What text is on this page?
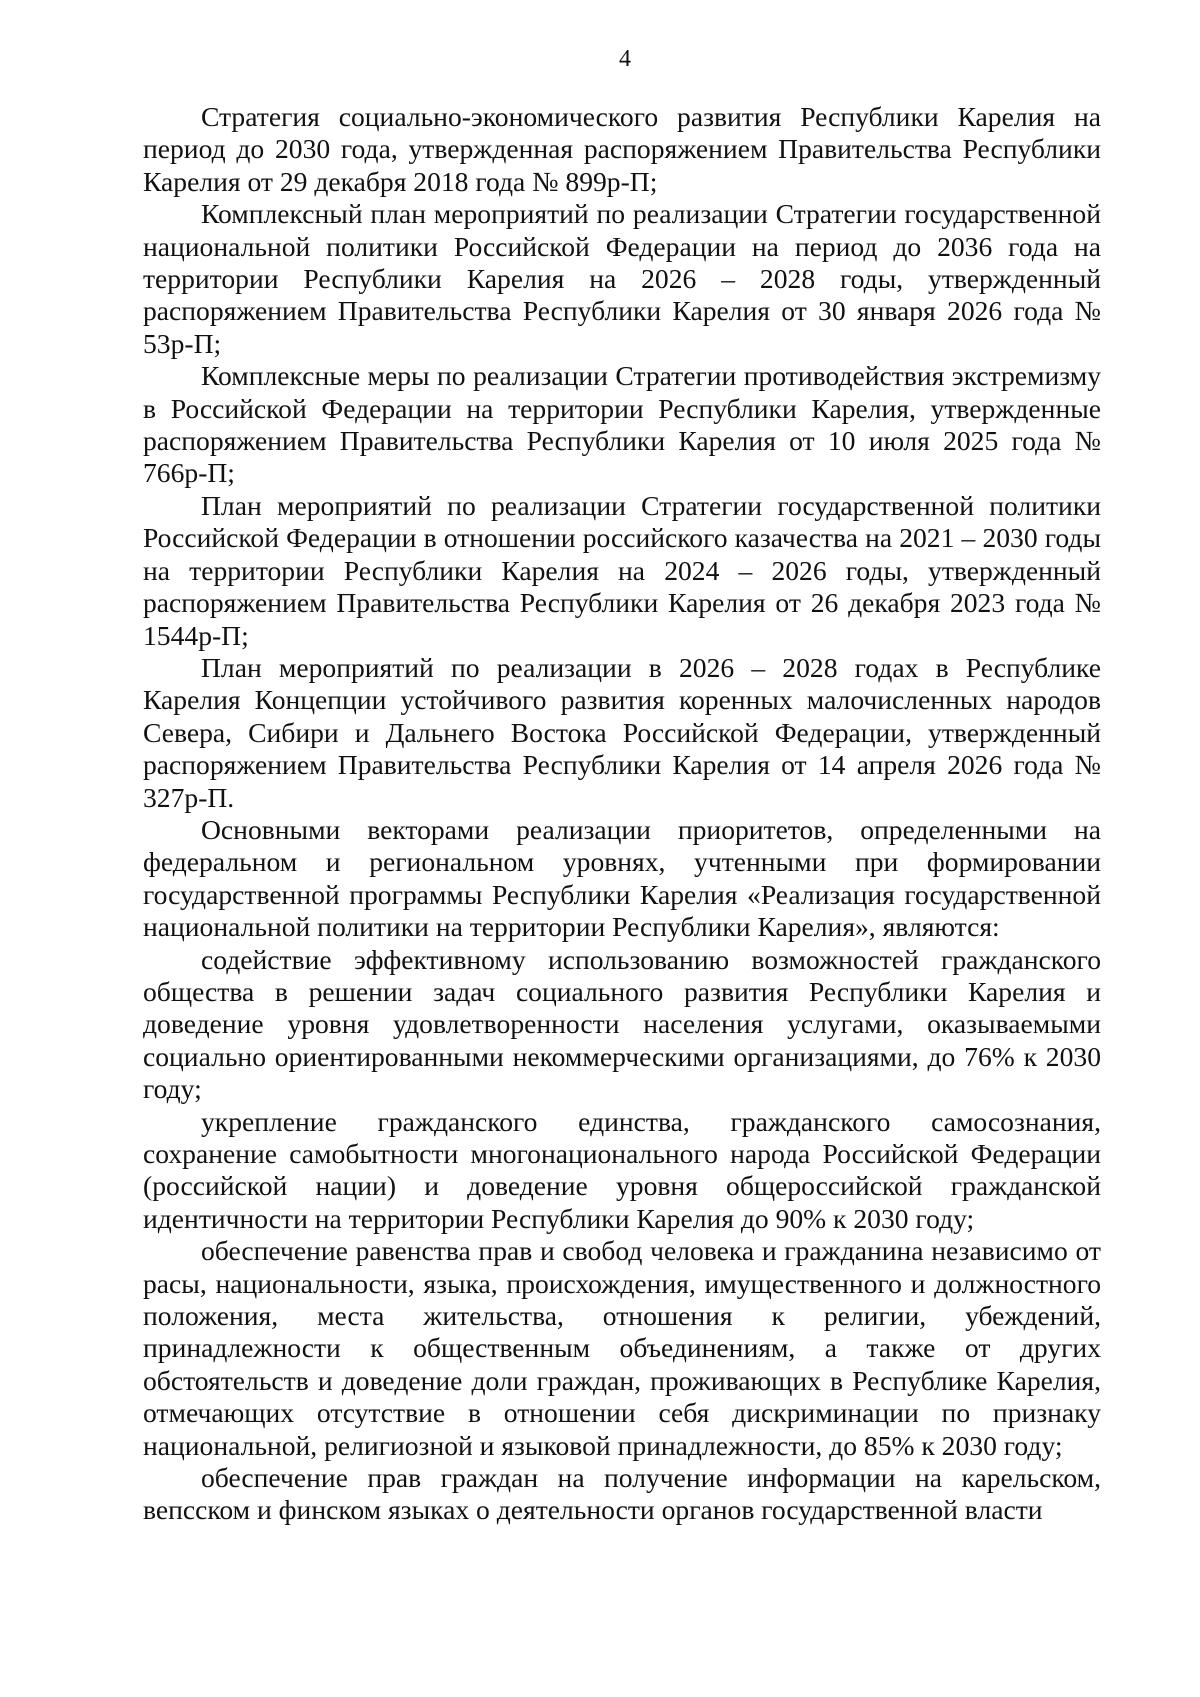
4

Стратегия социально-экономического развития Республики Карелия на период до 2030 года, утвержденная распоряжением Правительства Республики Карелия от 29 декабря 2018 года № 899р-П;

Комплексный план мероприятий по реализации Стратегии государственной национальной политики Российской Федерации на период до 2036 года на территории Республики Карелия на 2026 – 2028 годы, утвержденный распоряжением Правительства Республики Карелия от 30 января 2026 года № 53р-П;

Комплексные меры по реализации Стратегии противодействия экстремизму в Российской Федерации на территории Республики Карелия, утвержденные распоряжением Правительства Республики Карелия от 10 июля 2025 года № 766р-П;

План мероприятий по реализации Стратегии государственной политики Российской Федерации в отношении российского казачества на 2021 – 2030 годы на территории Республики Карелия на 2024 – 2026 годы, утвержденный распоряжением Правительства Республики Карелия от 26 декабря 2023 года № 1544р-П;

План мероприятий по реализации в 2026 – 2028 годах в Республике Карелия Концепции устойчивого развития коренных малочисленных народов Севера, Сибири и Дальнего Востока Российской Федерации, утвержденный распоряжением Правительства Республики Карелия от 14 апреля 2026 года № 327р-П.

Основными векторами реализации приоритетов, определенными на федеральном и региональном уровнях, учтенными при формировании государственной программы Республики Карелия «Реализация государственной национальной политики на территории Республики Карелия», являются:

содействие эффективному использованию возможностей гражданского общества в решении задач социального развития Республики Карелия и доведение уровня удовлетворенности населения услугами, оказываемыми социально ориентированными некоммерческими организациями, до 76% к 2030 году;

укрепление гражданского единства, гражданского самосознания, сохранение самобытности многонационального народа Российской Федерации (российской нации) и доведение уровня общероссийской гражданской идентичности на территории Республики Карелия до 90% к 2030 году;

обеспечение равенства прав и свобод человека и гражданина независимо от расы, национальности, языка, происхождения, имущественного и должностного положения, места жительства, отношения к религии, убеждений, принадлежности к общественным объединениям, а также от других обстоятельств и доведение доли граждан, проживающих в Республике Карелия, отмечающих отсутствие в отношении себя дискриминации по признаку национальной, религиозной и языковой принадлежности, до 85% к 2030 году;

обеспечение прав граждан на получение информации на карельском, вепсском и финском языках о деятельности органов государственной власти
